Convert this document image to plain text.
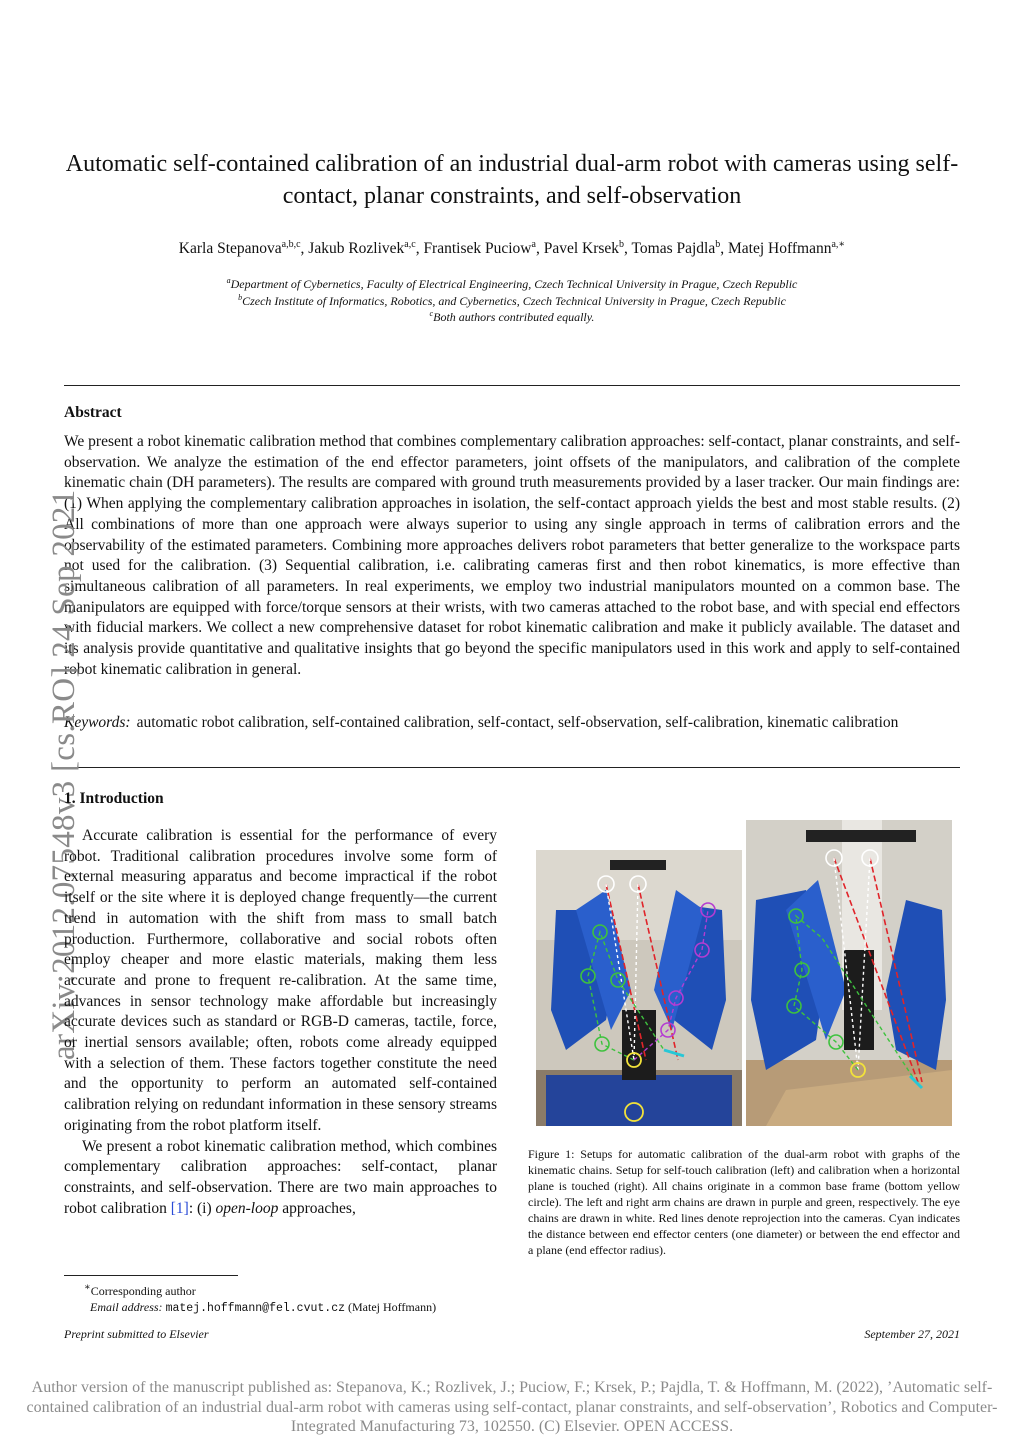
Automatic self-contained calibration of an industrial dual-arm robot with cameras using self-contact, planar constraints, and self-observation
Karla Stepanova$^{a,b,c}$, Jakub Rozlivek$^{a,c}$, Frantisek Puciow$^a$, Pavel Krsek$^b$, Tomas Pajdla$^b$, Matej Hoffmann$^{a,∗}$
$^a$Department of Cybernetics, Faculty of Electrical Engineering, Czech Technical University in Prague, Czech Republic
$^b$Czech Institute of Informatics, Robotics, and Cybernetics, Czech Technical University in Prague, Czech Republic
$^c$Both authors contributed equally.
Abstract
We present a robot kinematic calibration method that combines complementary calibration approaches: self-contact, planar constraints, and self-observation. We analyze the estimation of the end effector parameters, joint offsets of the manipulators, and calibration of the complete kinematic chain (DH parameters). The results are compared with ground truth measurements provided by a laser tracker. Our main findings are: (1) When applying the complementary calibration approaches in isolation, the self-contact approach yields the best and most stable results. (2) All combinations of more than one approach were always superior to using any single approach in terms of calibration errors and the observability of the estimated parameters. Combining more approaches delivers robot parameters that better generalize to the workspace parts not used for the calibration. (3) Sequential calibration, i.e. calibrating cameras first and then robot kinematics, is more effective than simultaneous calibration of all parameters. In real experiments, we employ two industrial manipulators mounted on a common base. The manipulators are equipped with force/torque sensors at their wrists, with two cameras attached to the robot base, and with special end effectors with fiducial markers. We collect a new comprehensive dataset for robot kinematic calibration and make it publicly available. The dataset and its analysis provide quantitative and qualitative insights that go beyond the specific manipulators used in this work and apply to self-contained robot kinematic calibration in general.
Keywords: automatic robot calibration, self-contained calibration, self-contact, self-observation, self-calibration, kinematic calibration
arXiv:2012.07548v3 [cs.RO] 24 Sep 2021
1. Introduction

Accurate calibration is essential for the performance of every robot. Traditional calibration procedures involve some form of external measuring apparatus and become impractical if the robot itself or the site where it is deployed change frequently—the current trend in automation with the shift from mass to small batch production. Furthermore, collaborative and social robots often employ cheaper and more elastic materials, making them less accurate and prone to frequent re-calibration. At the same time, advances in sensor technology make affordable but increasingly accurate devices such as standard or RGB-D cameras, tactile, force, or inertial sensors available; often, robots come already equipped with a selection of them. These factors together constitute the need and the opportunity to perform an automated self-contained calibration relying on redundant information in these sensory streams originating from the robot platform itself.

We present a robot kinematic calibration method, which combines complementary calibration approaches: self-contact, planar constraints, and self-observation. There are two main approaches to robot calibration [1]: (i) open-loop approaches,

Figure 1: Setups for automatic calibration of the dual-arm robot with graphs of the kinematic chains. Setup for self-touch calibration (left) and calibration when a horizontal plane is touched (right). All chains originate in a common base frame (bottom yellow circle). The left and right arm chains are drawn in purple and green, respectively. The eye chains are drawn in white. Red lines denote reprojection into the cameras. Cyan indicates the distance between end effector centers (one diameter) or between the end effector and a plane (end effector radius).
∗Corresponding author
Email address: matej.hoffmann@fel.cvut.cz (Matej Hoffmann)
Preprint submitted to Elsevier	September 27, 2021
Author version of the manuscript published as: Stepanova, K.; Rozlivek, J.; Puciow, F.; Krsek, P.; Pajdla, T. & Hoffmann, M. (2022), ’Automatic self-contained calibration of an industrial dual-arm robot with cameras using self-contact, planar constraints, and self-observation’, Robotics and Computer-Integrated Manufacturing 73, 102550. (C) Elsevier. OPEN ACCESS.
